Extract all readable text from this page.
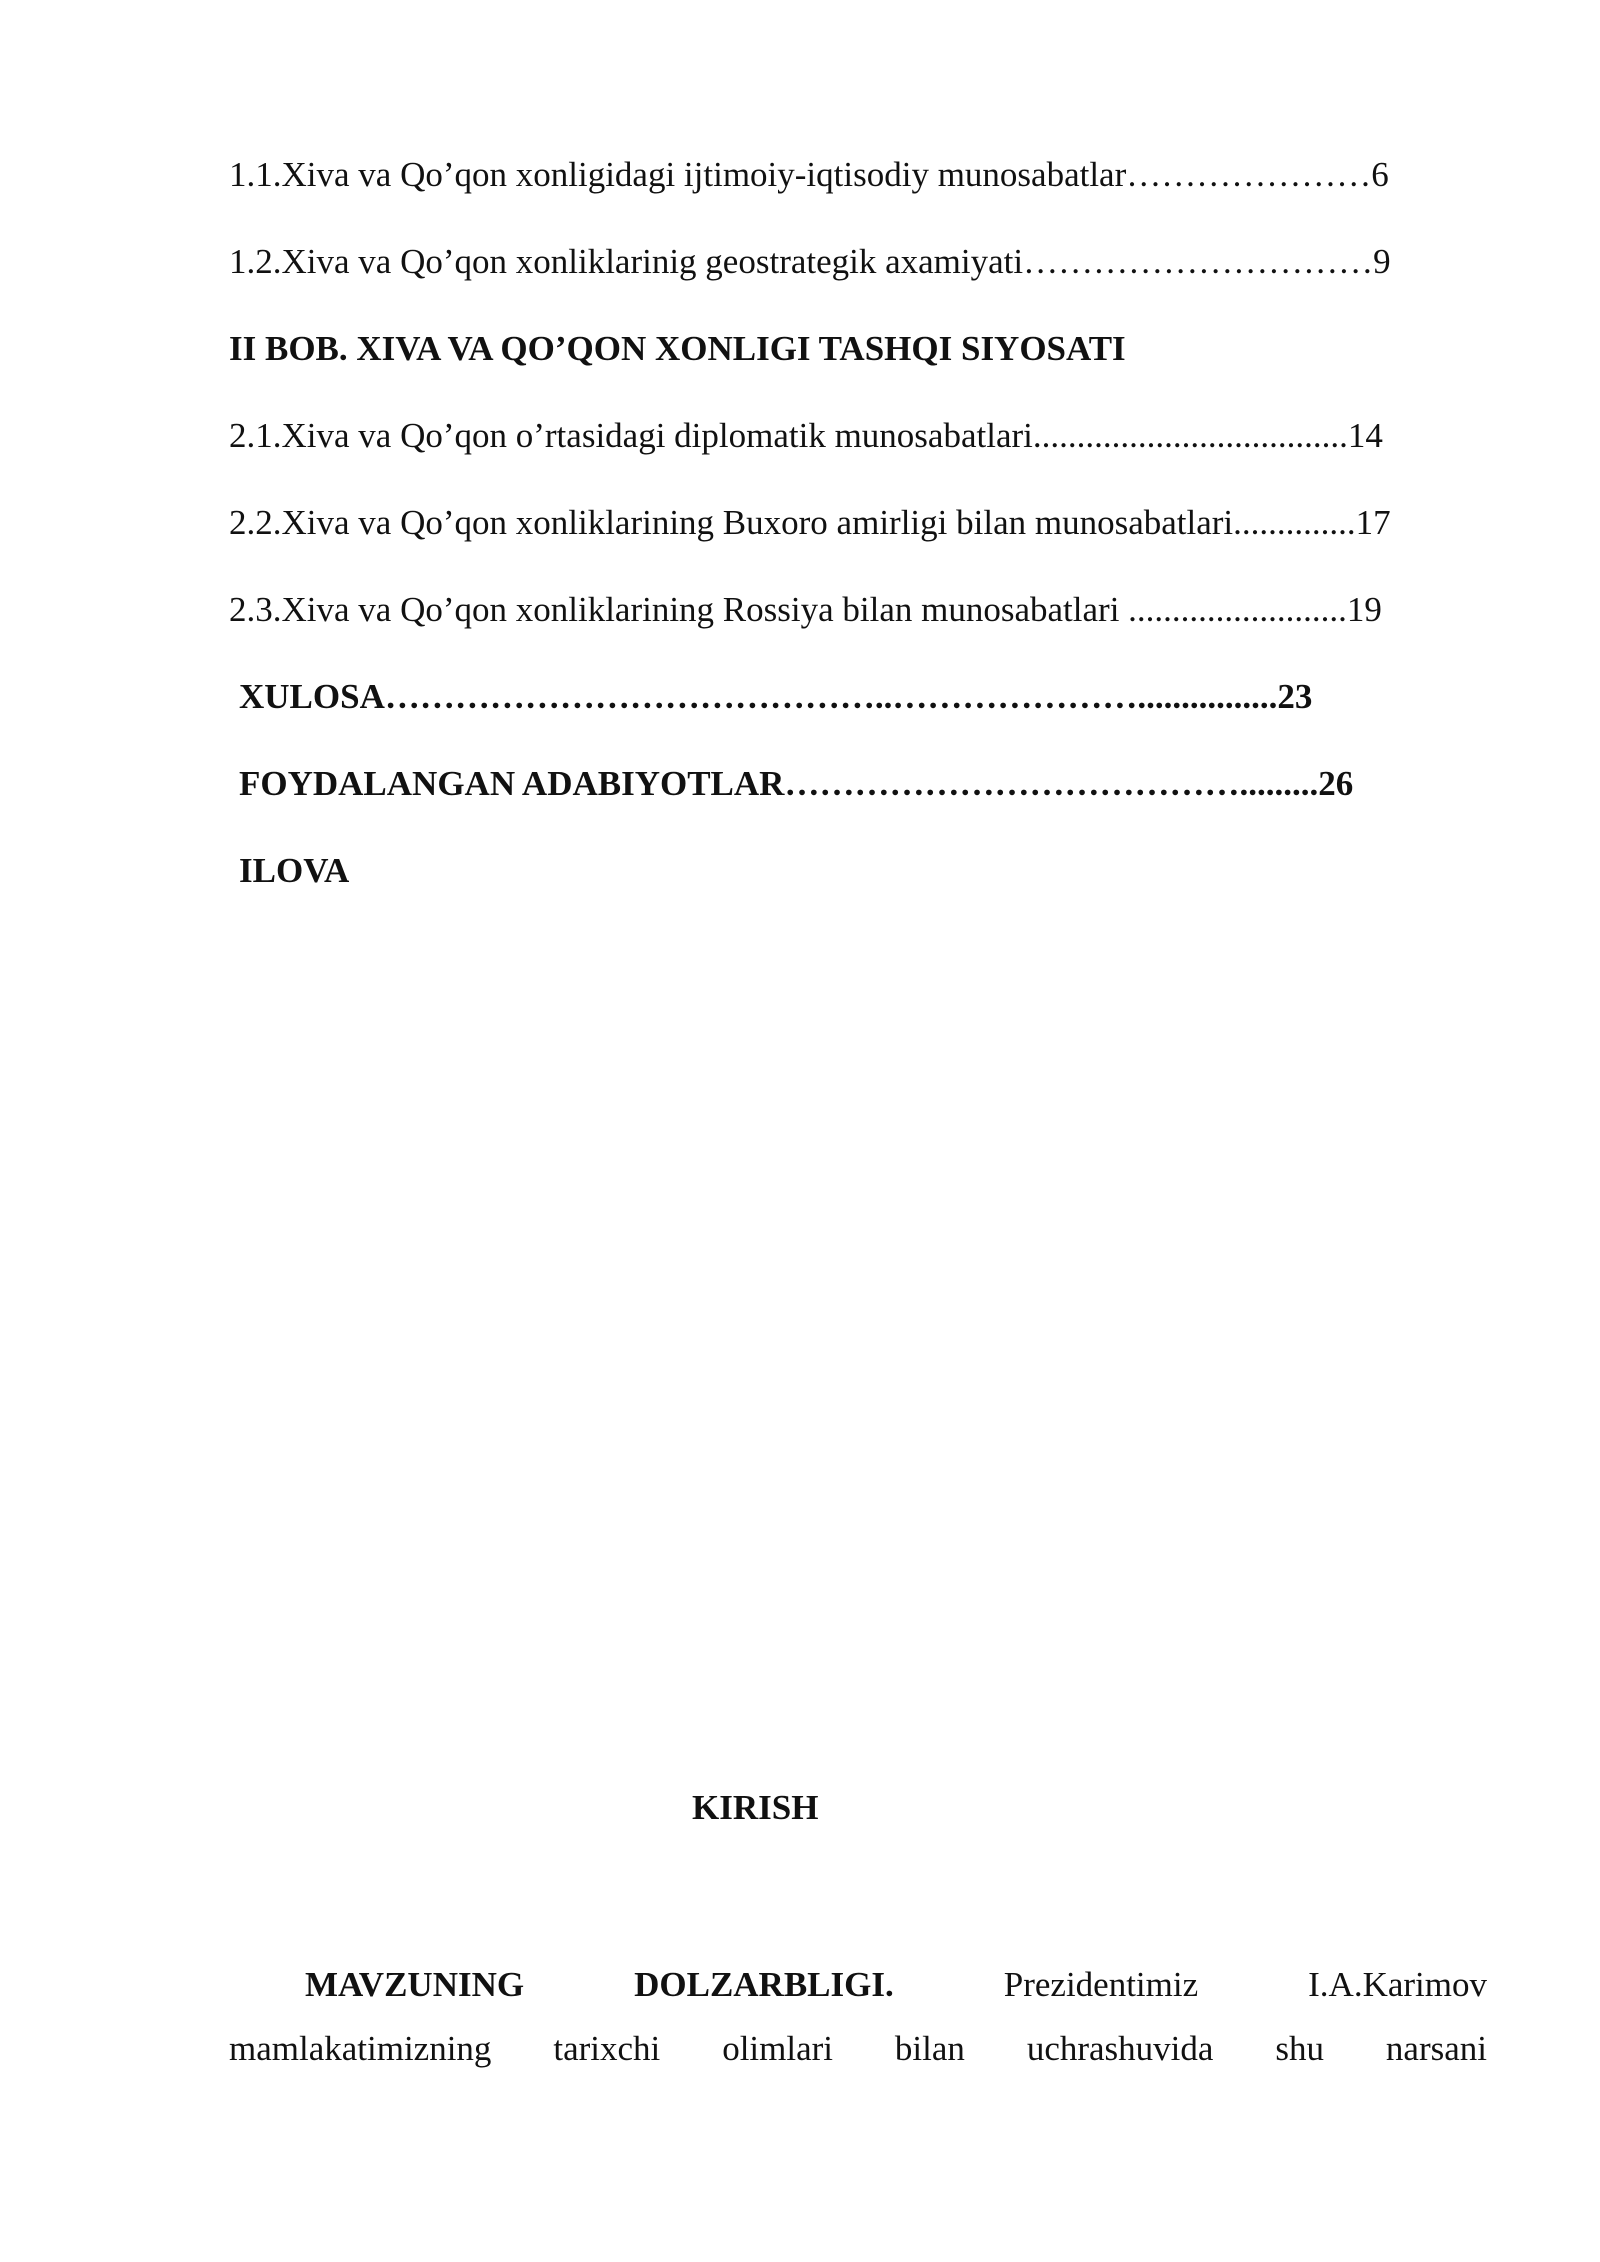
1.1.Xiva va Qo’qon xonligidagi ijtimoiy-iqtisodiy munosabatlar…………………6
1.2.Xiva va Qo’qon xonliklarinig geostrategik axamiyati…………………………9
II BOB. XIVA VA QO’QON XONLIGI TASHQI SIYOSATI
2.1.Xiva va Qo’qon o’rtasidagi diplomatik munosabatlari....................................14
2.2.Xiva va Qo’qon xonliklarining Buxoro amirligi bilan munosabatlari..............17
2.3.Xiva va Qo’qon xonliklarining Rossiya bilan munosabatlari .........................19
XULOSA……………………………………..…………………................23
FOYDALANGAN ADABIYOTLAR………………………………….........26
ILOVA
KIRISH
MAVZUNING	DOLZARBLIGI.	Prezidentimiz	I.A.Karimov
mamlakatimizning tarixchi olimlari bilan uchrashuvida shu narsani
